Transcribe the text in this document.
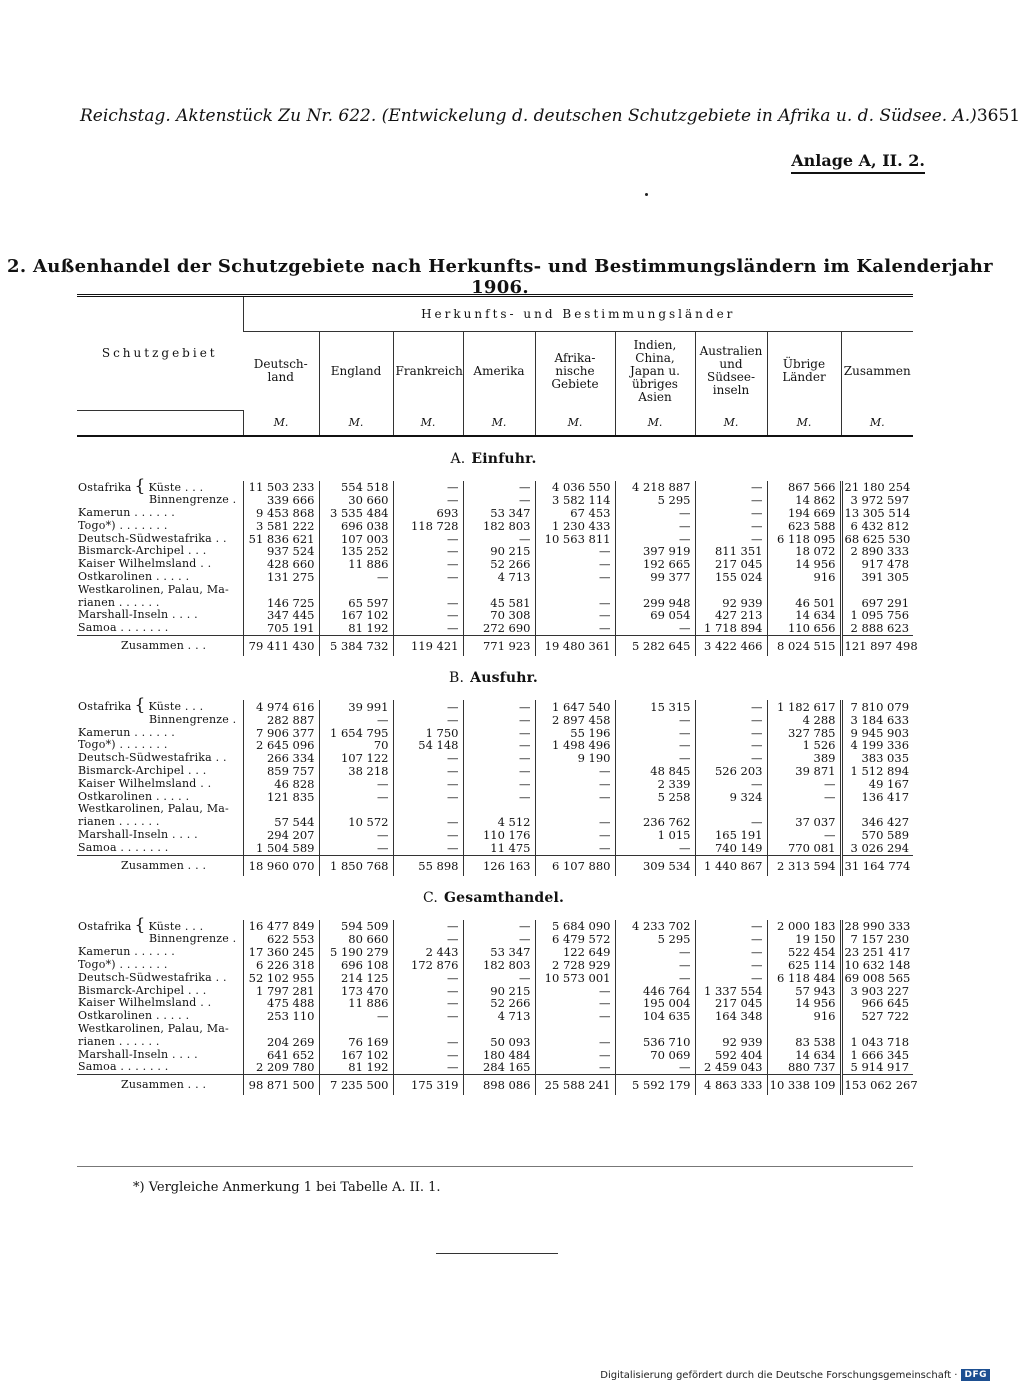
Reichstag. Aktenstück Zu Nr. 622. (Entwickelung d. deutschen Schutzgebiete in Afrika u. d. Südsee. A.) 3651
Anlage A, II. 2.
2. Außenhandel der Schutzgebiete nach Herkunfts- und Bestimmungsländern im Kalenderjahr 1906.
Schutzgebiet	Herkunfts- und Bestimmungsländer								
	Deutsch-land	England	Frankreich	Amerika	Afrika-nische Gebiete	Indien, China, Japan u. übriges Asien	Australien und Südsee-inseln	Übrige Länder	Zusammen
	M.	M.	M.	M.	M.	M.	M.	M.	M.
A. Einfuhr.									
Ostafrika { Küste . . .	11 503 233	554 518	—	—	4 036 550	4 218 887	—	867 566	21 180 254
Binnengrenze .	339 666	30 660	—	—	3 582 114	5 295	—	14 862	3 972 597
Kamerun . . . . . .	9 453 868	3 535 484	693	53 347	67 453	—	—	194 669	13 305 514
Togo*) . . . . . . .	3 581 222	696 038	118 728	182 803	1 230 433	—	—	623 588	6 432 812
Deutsch-Südwestafrika . .	51 836 621	107 003	—	—	10 563 811	—	—	6 118 095	68 625 530
Bismarck-Archipel . . .	937 524	135 252	—	90 215	—	397 919	811 351	18 072	2 890 333
Kaiser Wilhelmsland . .	428 660	11 886	—	52 266	—	192 665	217 045	14 956	917 478
Ostkarolinen . . . . .	131 275	—	—	4 713	—	99 377	155 024	916	391 305
Westkarolinen, Palau, Ma-									
rianen . . . . . .	146 725	65 597	—	45 581	—	299 948	92 939	46 501	697 291
Marshall-Inseln . . . .	347 445	167 102	—	70 308	—	69 054	427 213	14 634	1 095 756
Samoa . . . . . . .	705 191	81 192	—	272 690	—	—	1 718 894	110 656	2 888 623
Zusammen . . .	79 411 430	5 384 732	119 421	771 923	19 480 361	5 282 645	3 422 466	8 024 515	121 897 498
B. Ausfuhr.									
Ostafrika { Küste . . .	4 974 616	39 991	—	—	1 647 540	15 315	—	1 182 617	7 810 079
Binnengrenze .	282 887	—	—	—	2 897 458	—	—	4 288	3 184 633
Kamerun . . . . . .	7 906 377	1 654 795	1 750	—	55 196	—	—	327 785	9 945 903
Togo*) . . . . . . .	2 645 096	70	54 148	—	1 498 496	—	—	1 526	4 199 336
Deutsch-Südwestafrika . .	266 334	107 122	—	—	9 190	—	—	389	383 035
Bismarck-Archipel . . .	859 757	38 218	—	—	—	48 845	526 203	39 871	1 512 894
Kaiser Wilhelmsland . .	46 828	—	—	—	—	2 339	—	—	49 167
Ostkarolinen . . . . .	121 835	—	—	—	—	5 258	9 324	—	136 417
Westkarolinen, Palau, Ma-									
rianen . . . . . .	57 544	10 572	—	4 512	—	236 762	—	37 037	346 427
Marshall-Inseln . . . .	294 207	—	—	110 176	—	1 015	165 191	—	570 589
Samoa . . . . . . .	1 504 589	—	—	11 475	—	—	740 149	770 081	3 026 294
Zusammen . . .	18 960 070	1 850 768	55 898	126 163	6 107 880	309 534	1 440 867	2 313 594	31 164 774
C. Gesamthandel.									
Ostafrika { Küste . . .	16 477 849	594 509	—	—	5 684 090	4 233 702	—	2 000 183	28 990 333
Binnengrenze .	622 553	80 660	—	—	6 479 572	5 295	—	19 150	7 157 230
Kamerun . . . . . .	17 360 245	5 190 279	2 443	53 347	122 649	—	—	522 454	23 251 417
Togo*) . . . . . . .	6 226 318	696 108	172 876	182 803	2 728 929	—	—	625 114	10 632 148
Deutsch-Südwestafrika . .	52 102 955	214 125	—	—	10 573 001	—	—	6 118 484	69 008 565
Bismarck-Archipel . . .	1 797 281	173 470	—	90 215	—	446 764	1 337 554	57 943	3 903 227
Kaiser Wilhelmsland . .	475 488	11 886	—	52 266	—	195 004	217 045	14 956	966 645
Ostkarolinen . . . . .	253 110	—	—	4 713	—	104 635	164 348	916	527 722
Westkarolinen, Palau, Ma-									
rianen . . . . . .	204 269	76 169	—	50 093	—	536 710	92 939	83 538	1 043 718
Marshall-Inseln . . . .	641 652	167 102	—	180 484	—	70 069	592 404	14 634	1 666 345
Samoa . . . . . . .	2 209 780	81 192	—	284 165	—	—	2 459 043	880 737	5 914 917
Zusammen . . .	98 871 500	7 235 500	175 319	898 086	25 588 241	5 592 179	4 863 333	10 338 109	153 062 267
*) Vergleiche Anmerkung 1 bei Tabelle A. II. 1.
Digitalisierung gefördert durch die Deutsche Forschungsgemeinschaft · DFG
